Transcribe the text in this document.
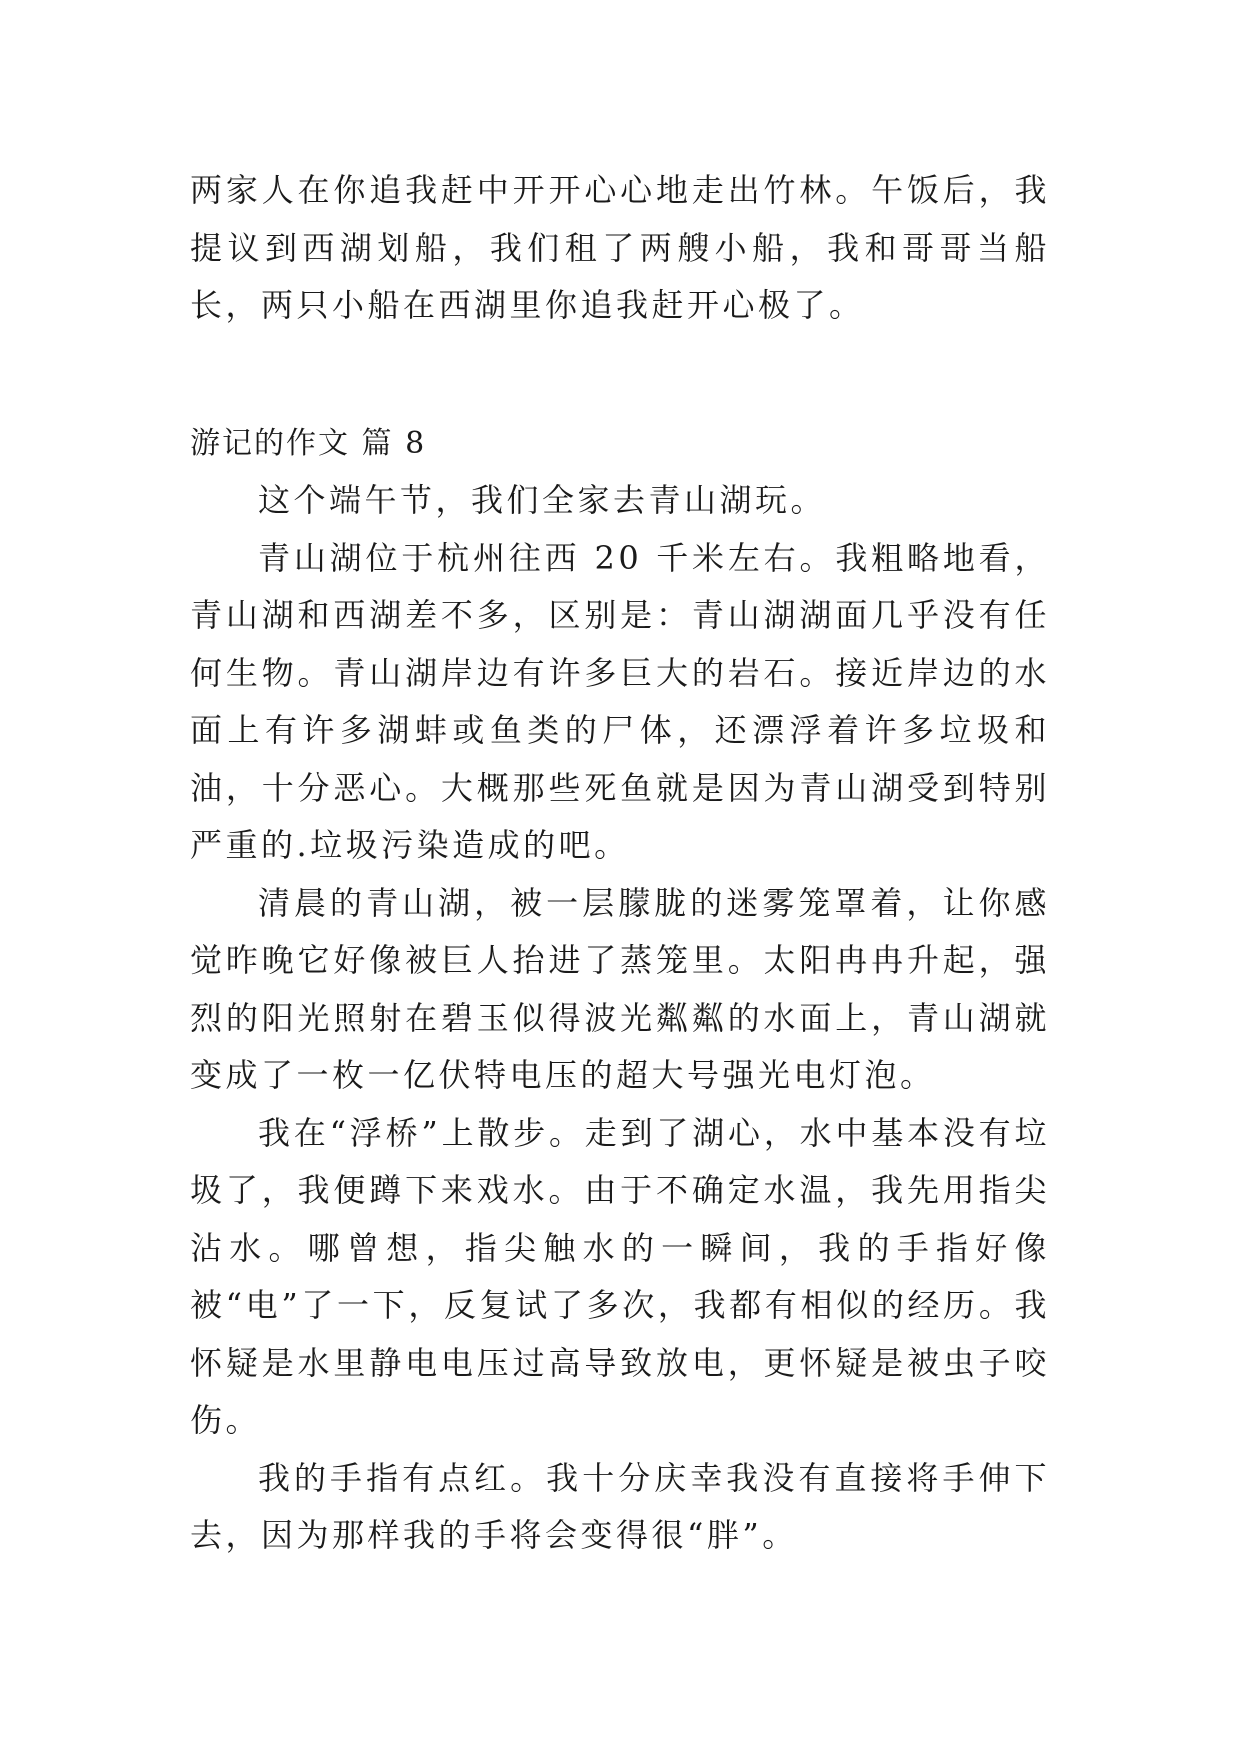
两家人在你追我赶中开开心心地走出竹林。午饭后，我提议到西湖划船，我们租了两艘小船，我和哥哥当船长，两只小船在西湖里你追我赶开心极了。

游记的作文 篇 8

这个端午节，我们全家去青山湖玩。

青山湖位于杭州往西 20 千米左右。我粗略地看，青山湖和西湖差不多，区别是：青山湖湖面几乎没有任何生物。青山湖岸边有许多巨大的岩石。接近岸边的水面上有许多湖蚌或鱼类的尸体，还漂浮着许多垃圾和油，十分恶心。大概那些死鱼就是因为青山湖受到特别严重的.垃圾污染造成的吧。

清晨的青山湖，被一层朦胧的迷雾笼罩着，让你感觉昨晚它好像被巨人抬进了蒸笼里。太阳冉冉升起，强烈的阳光照射在碧玉似得波光粼粼的水面上，青山湖就变成了一枚一亿伏特电压的超大号强光电灯泡。

我在“浮桥”上散步。走到了湖心，水中基本没有垃圾了，我便蹲下来戏水。由于不确定水温，我先用指尖沾水。哪曾想，指尖触水的一瞬间，我的手指好像被“电”了一下，反复试了多次，我都有相似的经历。我怀疑是水里静电电压过高导致放电，更怀疑是被虫子咬伤。

我的手指有点红。我十分庆幸我没有直接将手伸下去，因为那样我的手将会变得很“胖”。
